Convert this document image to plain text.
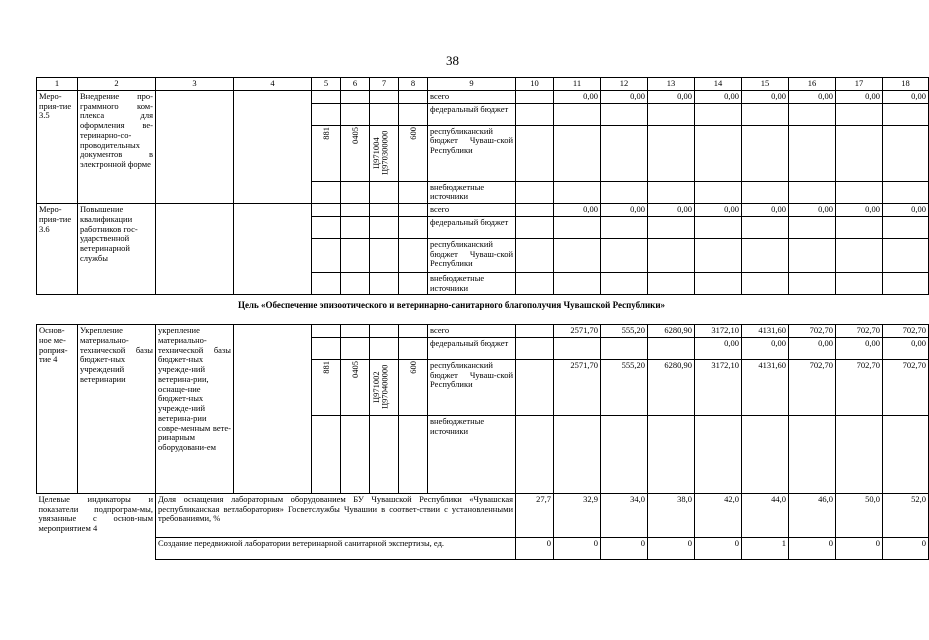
38
1	2	3	4	5	6	7	8	9	10	11	12	13	14	15	16	17	18
Меро-прия-тие 3.5	Внедрение про-граммного ком-плекса для оформления ве-теринарно-со-проводительных документов в электронной форме							всего		0,00	0,00	0,00	0,00	0,00	0,00	0,00	0,00
								федеральный бюджет									

				881	0405	Ц971004 Ц970300000	600	республиканский бюджет Чуваш-ской Республики									
								внебюджетные источники									
Меро-прия-тие 3.6	Повышение квалификации работников гос-ударственной ветеринарной службы							всего		0,00	0,00	0,00	0,00	0,00	0,00	0,00	0,00
								федеральный бюджет									
								республиканский бюджет Чуваш-ской Республики									
								внебюджетные источники									
Цель «Обеспечение эпизоотического и ветеринарно-санитарного благополучия Чувашской Республики»
Основ-ное ме-роприя-тие 4	Укрепление материально-технической базы бюджет-ных учреждений ветеринарии	укрепление материально-технической базы бюджет-ных учрежде-ний ветерина-рии, оснаще-ние бюджет-ных учрежде-ний ветерина-рии совре-менным вете-ринарным оборудовани-ем						всего		2571,70	555,20	6280,90	3172,10	4131,60	702,70	702,70	702,70
								федеральный бюджет					0,00	0,00	0,00	0,00	0,00

				881	0405	Ц971002 Ц970400000	600	республиканский бюджет Чуваш-ской Республики		2571,70	555,20	6280,90	3172,10	4131,60	702,70	702,70	702,70
								внебюджетные источники									
Целевые индикаторы и показатели подпрограм-мы, увязанные с основ-ным мероприятием 4		Доля оснащения лабораторным оборудованием БУ Чувашской Республики «Чувашская республиканская ветлаборатория» Госветслужбы Чувашии в соответ-ствии с установленными требованиями, %							27,7	32,9	34,0	38,0	42,0	44,0	46,0	50,0	52,0
		Создание передвижной лаборатории ветеринарной санитарной экспертизы, ед.							0	0	0	0	0	1	0	0	0
